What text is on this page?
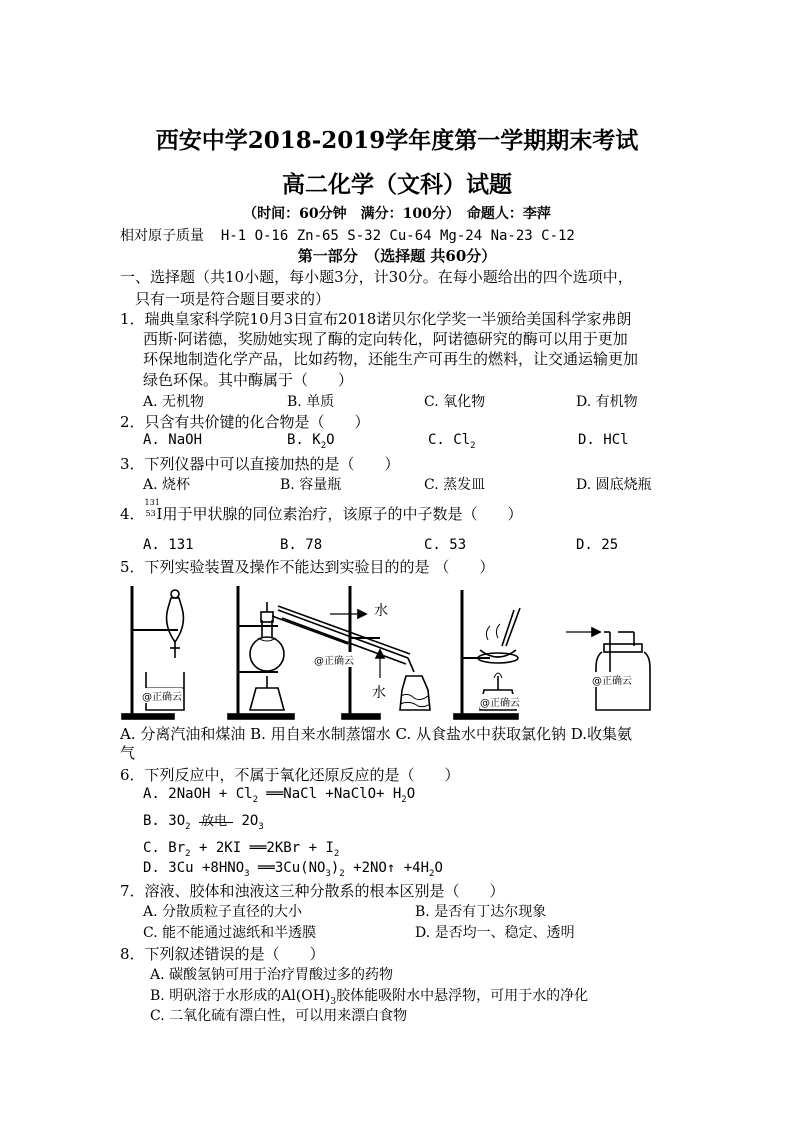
西安中学2018-2019学年度第一学期期末考试
高二化学（文科）试题
（时间：60分钟　满分：100分）　命题人：李萍
相对原子质量 H-1 O-16 Zn-65 S-32 Cu-64 Mg-24 Na-23 C-12
第一部分　（选择题 共60分）
一、选择题（共10小题，每小题3分，计30分。在每小题给出的四个选项中，
只有一项是符合题目要求的）
1．瑞典皇家科学院10月3日宣布2018诺贝尔化学奖一半颁给美国科学家弗朗
西斯·阿诺德，奖励她实现了酶的定向转化，阿诺德研究的酶可以用于更加
环保地制造化学产品，比如药物，还能生产可再生的燃料，让交通运输更加
绿色环保。其中酶属于（　　）
A. 无机物	B. 单质	C. 氧化物	D. 有机物
2．只含有共价键的化合物是（　　）
A. NaOH	B. $K_2O$	C. $Cl_2$	D. HCl
3．下列仪器中可以直接加热的是（　　）
A. 烧杯	B. 容量瓶	C. 蒸发皿	D. 圆底烧瓶
4．
131
53 I用于甲状腺的同位素治疗，该原子的中子数是（　　）
A. 131	B. 78	C. 53	D. 25
5．下列实验装置及操作不能达到实验目的的是 （　　）
水
水
@正确云
@正确云
@正确云
@正确云
A. 分离汽油和煤油 B. 用自来水制蒸馏水 C. 从食盐水中获取氯化钠 D.收集氨
气
6．下列反应中，不属于氧化还原反应的是（　　）
A. 2NaOH + $Cl_2$ ══NaCl +NaClO+ $H_2O$
B. $3O_2$ 放电 $2O_3$
C. $Br_2 + 2KI$ ══2KBr + $I_2$
D. $3Cu +8HNO_3$ $══3Cu(NO_3)_2$ +2NO↑ $+4H_2O$
7．溶液、胶体和浊液这三种分散系的根本区别是（　　）
A. 分散质粒子直径的大小	B. 是否有丁达尔现象
C. 能不能通过滤纸和半透膜	D. 是否均一、稳定、透明
8．下列叙述错误的是（　　）
A. 碳酸氢钠可用于治疗胃酸过多的药物
B. 明矾溶于水形成的$Al(OH)_3$胶体能吸附水中悬浮物，可用于水的净化
C. 二氧化硫有漂白性，可以用来漂白食物
